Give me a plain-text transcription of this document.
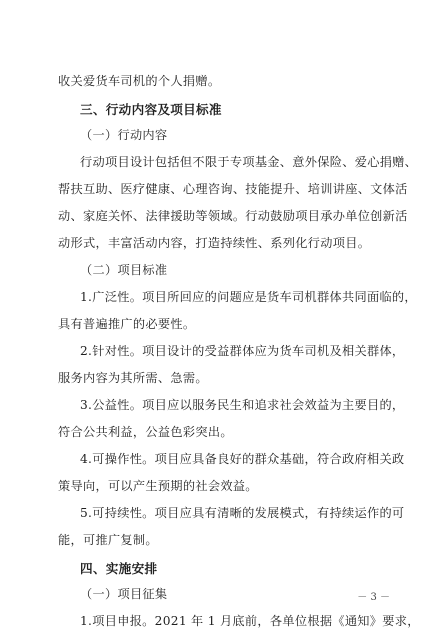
收关爱货车司机的个人捐赠。
三、行动内容及项目标准
（一）行动内容
行动项目设计包括但不限于专项基金、意外保险、爱心捐赠、
帮扶互助、医疗健康、心理咨询、技能提升、培训讲座、文体活
动、家庭关怀、法律援助等领域。行动鼓励项目承办单位创新活
动形式，丰富活动内容，打造持续性、系列化行动项目。
（二）项目标准
1.广泛性。项目所回应的问题应是货车司机群体共同面临的，
具有普遍推广的必要性。
2.针对性。项目设计的受益群体应为货车司机及相关群体，
服务内容为其所需、急需。
3.公益性。项目应以服务民生和追求社会效益为主要目的，
符合公共利益，公益色彩突出。
4.可操作性。项目应具备良好的群众基础，符合政府相关政
策导向，可以产生预期的社会效益。
5.可持续性。项目应具有清晰的发展模式，有持续运作的可
能，可推广复制。
四、实施安排
（一）项目征集
1.项目申报。2021 年 1 月底前，各单位根据《通知》要求，
－ 3 －
